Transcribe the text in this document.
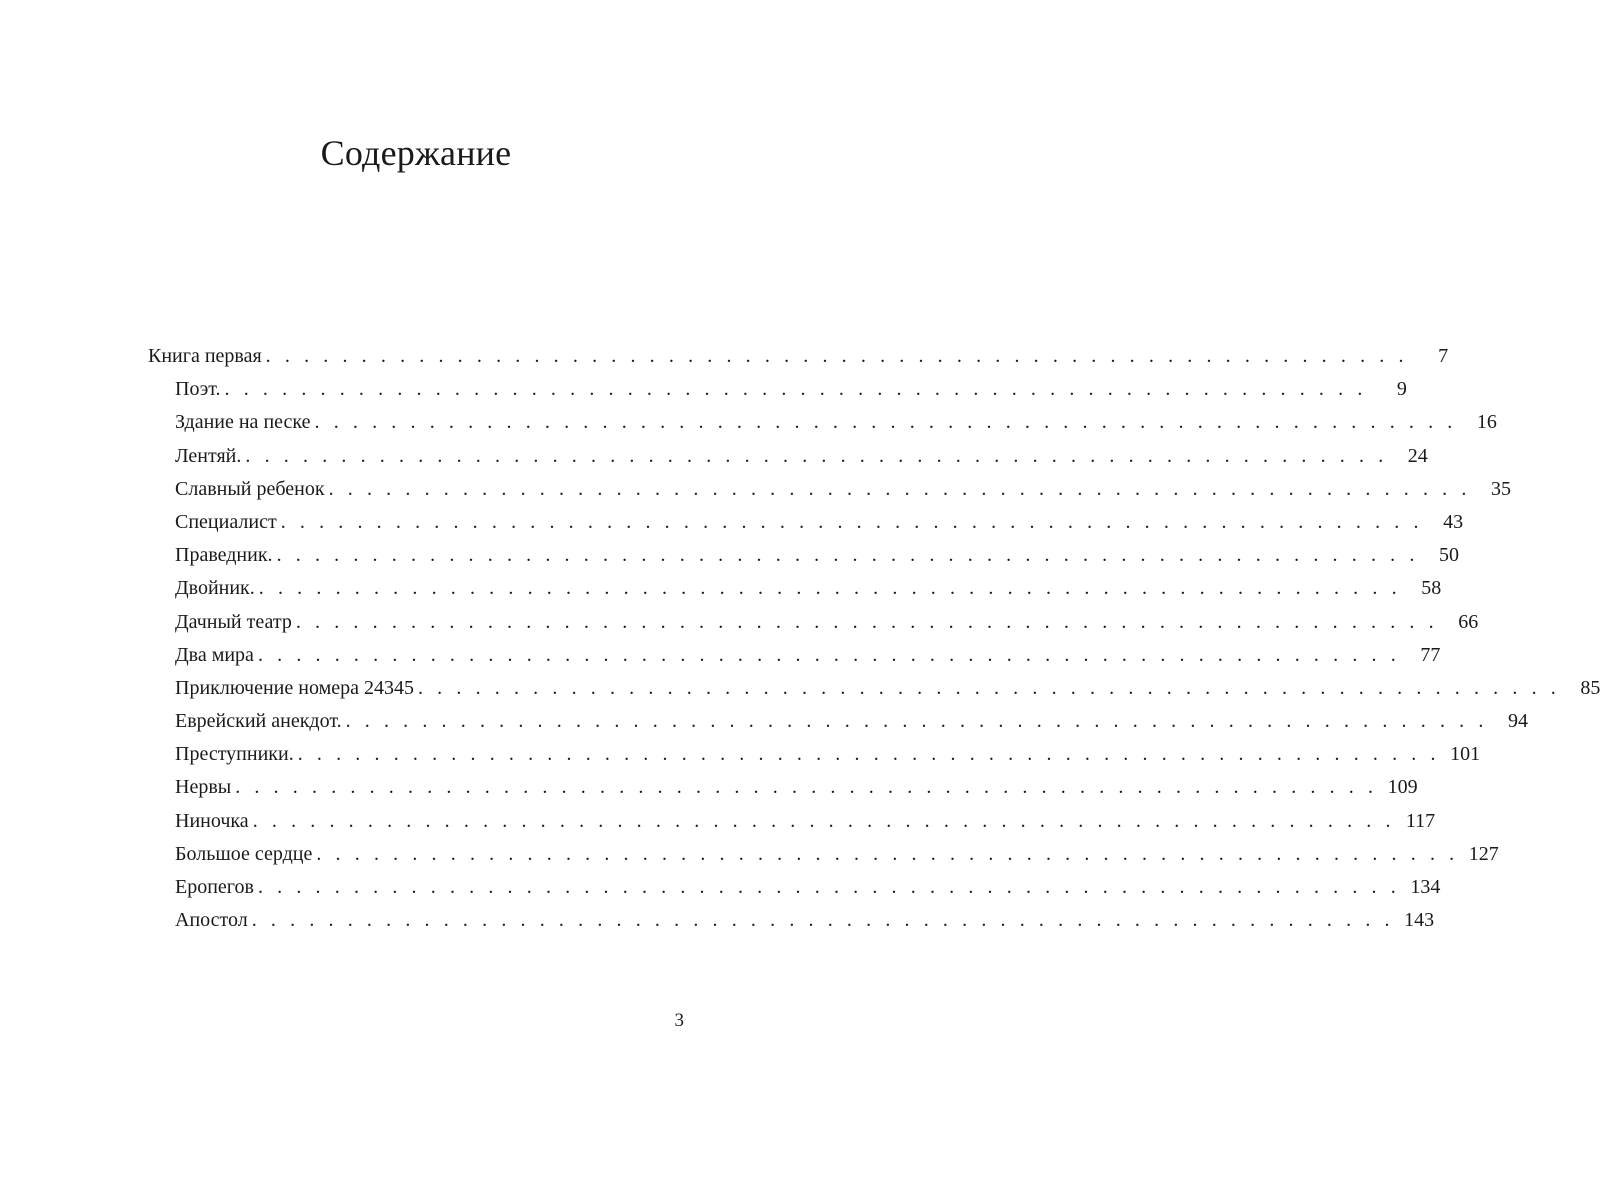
Содержание
Книга первая . . . . . . . . . . . . . . . . . . . . . . . . . . . . . . . . . . . . . . . . . . . . . . . . . . . . . . . . . . . .	7
Поэт. . . . . . . . . . . . . . . . . . . . . . . . . . . . . . . . . . . . . . . . . . . . . . . . . . . . . . . . . . . . .	9
Здание на песке . . . . . . . . . . . . . . . . . . . . . . . . . . . . . . . . . . . . . . . . . . . . . . . . . . . . . . . . . . . .	16
Лентяй. . . . . . . . . . . . . . . . . . . . . . . . . . . . . . . . . . . . . . . . . . . . . . . . . . . . . . . . . . . . .	24
Славный ребенок . . . . . . . . . . . . . . . . . . . . . . . . . . . . . . . . . . . . . . . . . . . . . . . . . . . . . . . . . . . .	35
Специалист . . . . . . . . . . . . . . . . . . . . . . . . . . . . . . . . . . . . . . . . . . . . . . . . . . . . . . . . . . . .	43
Праведник. . . . . . . . . . . . . . . . . . . . . . . . . . . . . . . . . . . . . . . . . . . . . . . . . . . . . . . . . . . . .	50
Двойник. . . . . . . . . . . . . . . . . . . . . . . . . . . . . . . . . . . . . . . . . . . . . . . . . . . . . . . . . . . . .	58
Дачный театр . . . . . . . . . . . . . . . . . . . . . . . . . . . . . . . . . . . . . . . . . . . . . . . . . . . . . . . . . . . .	66
Два мира . . . . . . . . . . . . . . . . . . . . . . . . . . . . . . . . . . . . . . . . . . . . . . . . . . . . . . . . . . . .	77
Приключение номера 24345 . . . . . . . . . . . . . . . . . . . . . . . . . . . . . . . . . . . . . . . . . . . . . . . . . . . . . . . . . . . .	85
Еврейский анекдот. . . . . . . . . . . . . . . . . . . . . . . . . . . . . . . . . . . . . . . . . . . . . . . . . . . . . . . . . . . . .	94
Преступники. . . . . . . . . . . . . . . . . . . . . . . . . . . . . . . . . . . . . . . . . . . . . . . . . . . . . . . . . . . . . 101
Нервы . . . . . . . . . . . . . . . . . . . . . . . . . . . . . . . . . . . . . . . . . . . . . . . . . . . . . . . . . . . . 109
Ниночка . . . . . . . . . . . . . . . . . . . . . . . . . . . . . . . . . . . . . . . . . . . . . . . . . . . . . . . . . . . . 117
Большое сердце . . . . . . . . . . . . . . . . . . . . . . . . . . . . . . . . . . . . . . . . . . . . . . . . . . . . . . . . . . . . 127
Еропегов . . . . . . . . . . . . . . . . . . . . . . . . . . . . . . . . . . . . . . . . . . . . . . . . . . . . . . . . . . . . 134
Апостол . . . . . . . . . . . . . . . . . . . . . . . . . . . . . . . . . . . . . . . . . . . . . . . . . . . . . . . . . . . . 143
3
